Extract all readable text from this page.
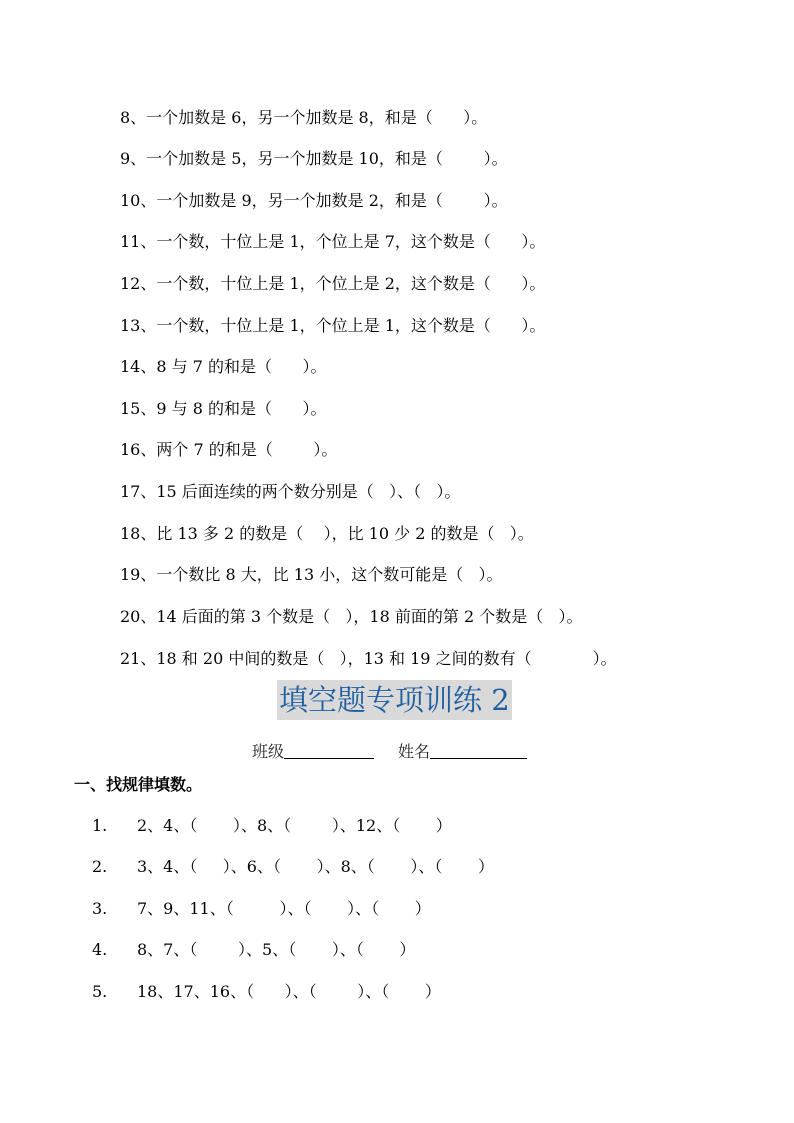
8、一个加数是 6，另一个加数是 8，和是（      ）。
9、一个加数是 5，另一个加数是 10，和是（        ）。
10、一个加数是 9，另一个加数是 2，和是（        ）。
11、一个数，十位上是 1，个位上是 7，这个数是（      ）。
12、一个数，十位上是 1，个位上是 2，这个数是（      ）。
13、一个数，十位上是 1，个位上是 1，这个数是（      ）。
14、8 与 7 的和是（      ）。
15、9 与 8 的和是（      ）。
16、两个 7 的和是（        ）。
17、15 后面连续的两个数分别是（   ）、（   ）。
18、比 13 多 2 的数是（    ），比 10 少 2 的数是（   ）。
19、一个数比 8 大，比 13 小，这个数可能是（   ）。
20、14 后面的第 3 个数是（   ），18 前面的第 2 个数是（   ）。
21、18 和 20 中间的数是（   ），13 和 19 之间的数有（            ）。
填空题专项训练 2
班级	姓名
一、找规律填数。
1. 2、4、（       ）、8、（        ）、12、（       ）
2. 3、4、（     ）、6、（       ）、8、（       ）、（       ）
3. 7、9、11、（         ）、（       ）、（       ）
4. 8、7、（        ）、5、（       ）、（       ）
5. 18、17、16、（      ）、（        ）、（       ）
